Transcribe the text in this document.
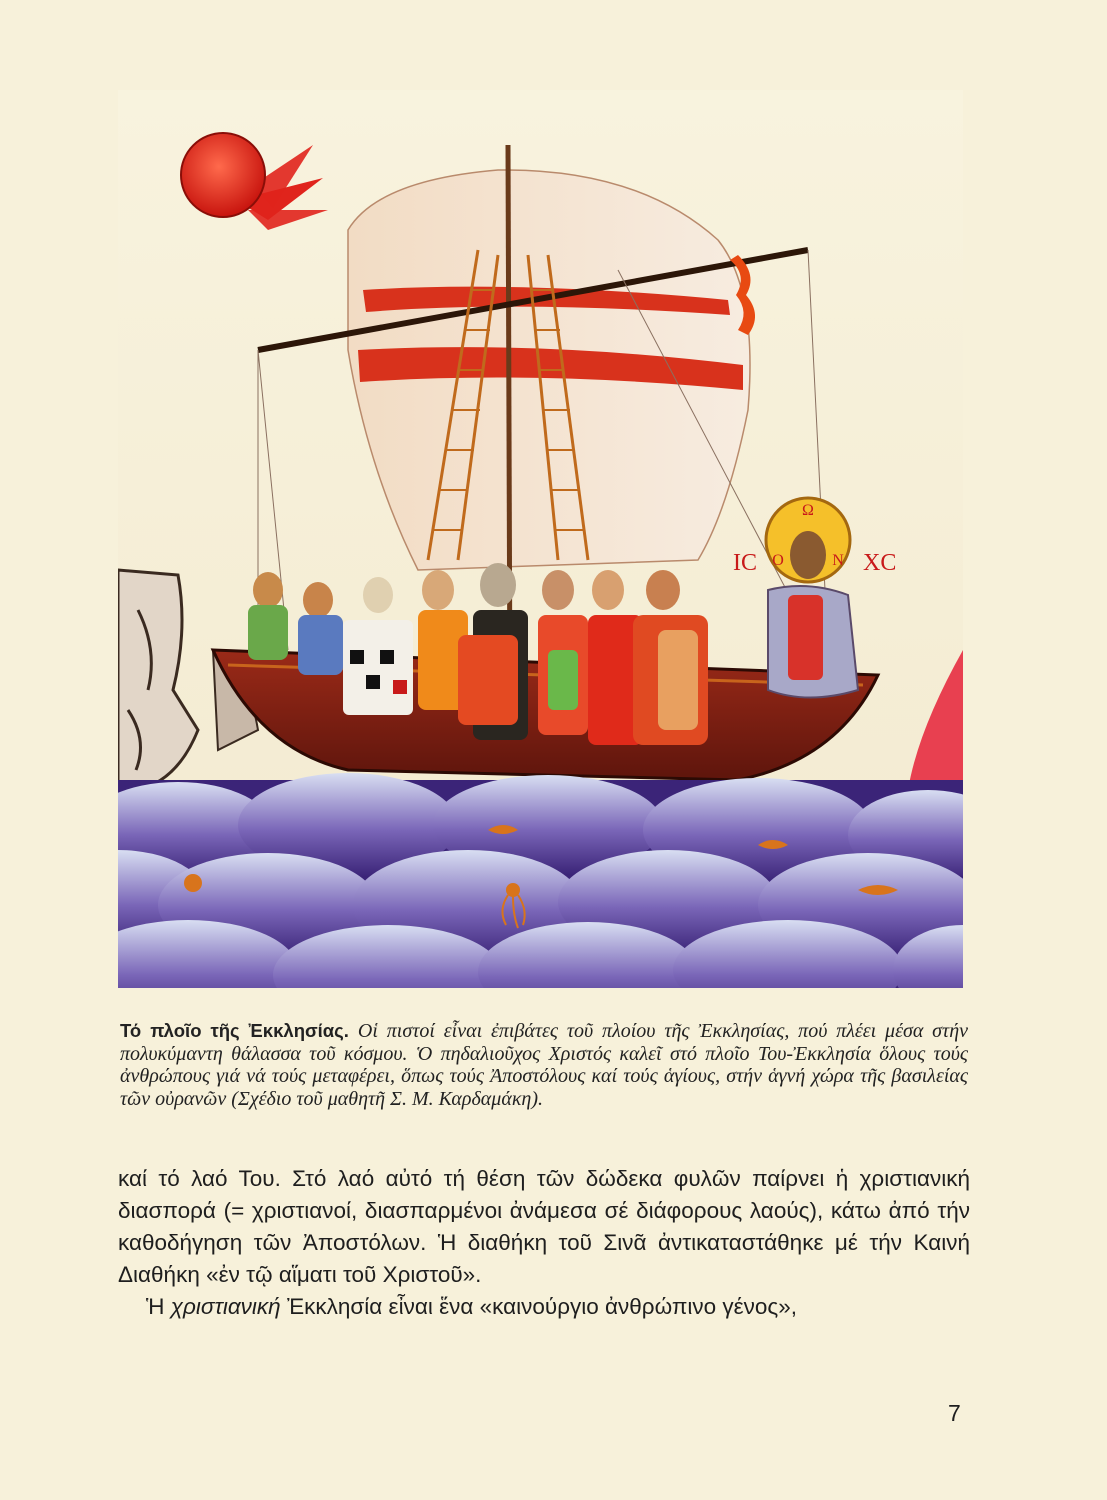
Ω
Ο	Ν
ΙC	ΧC
Τό πλοῖο τῆς Ἐκκλησίας. Οἱ πιστοί εἶναι ἐπιβάτες τοῦ πλοίου τῆς Ἐκκλησίας, πού πλέει μέσα στήν πολυκύμαντη θάλασσα τοῦ κόσμου. Ὁ πηδαλιοῦχος Χριστός καλεῖ στό πλοῖο Του-Ἐκκλησία ὅλους τούς ἀνθρώπους γιά νά τούς μεταφέρει, ὅπως τούς Ἀποστόλους καί τούς ἁγίους, στήν ἁγνή χώρα τῆς βασιλείας τῶν οὐρανῶν (Σχέδιο τοῦ μαθητῆ Σ. Μ. Καρδαμάκη).

καί τό λαό Του. Στό λαό αὐτό τή θέση τῶν δώδεκα φυλῶν παίρνει ἡ χριστιανική διασπορά (= χριστιανοί, διασπαρμένοι ἀνάμεσα σέ διάφορους λαούς), κάτω ἀπό τήν καθοδήγηση τῶν Ἀποστόλων. Ἡ διαθήκη τοῦ Σινᾶ ἀντικαταστάθηκε μέ τήν Καινή Διαθήκη «ἐν τῷ αἵματι τοῦ Χριστοῦ».

Ἡ χριστιανική Ἐκκλησία εἶναι ἕνα «καινούργιο ἀνθρώπινο γένος»,

7
